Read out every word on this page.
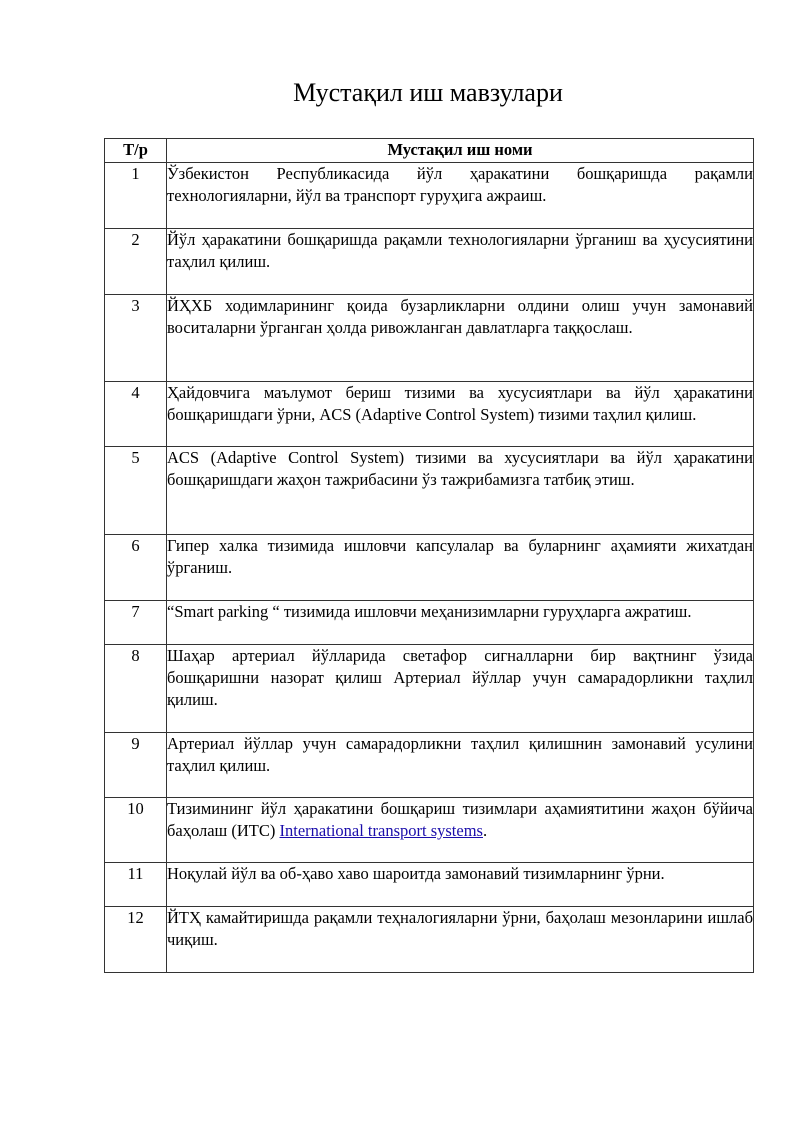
Мустақил иш мавзулари
Т/р	Мустақил иш номи
1	Ўзбекистон Республикасида йўл ҳаракатини бошқаришда рақамли технологияларни, йўл ва транспорт гуруҳига ажраиш.

2	Йўл ҳаракатини бошқаришда рақамли технологияларни ўрганиш ва ҳусусиятини таҳлил қилиш.

3	ЙҲХБ ходимларининг қоида бузарликларни олдини олиш учун замонавий воситаларни ўрганган ҳолда ривожланган давлатларга таққослаш.

4	Ҳайдовчига маълумот бериш тизими ва хусусиятлари ва йўл ҳаракатини бошқаришдаги ўрни, ACS (Adaptive Control System) тизими таҳлил қилиш.

5	ACS (Adaptive Control System) тизими ва хусусиятлари ва йўл ҳаракатини бошқаришдаги жаҳон тажрибасини ўз тажрибамизга татбиқ этиш.

6	Гипер халка тизимида ишловчи капсулалар ва буларнинг аҳамияти жихатдан ўрганиш.

7	“Smart parking “ тизимида ишловчи меҳанизимларни гуруҳларга ажратиш.

8	Шаҳар артериал йўлларида светафор сигналларни бир вақтнинг ўзида бошқаришни назорат қилиш Артериал йўллар учун самарадорликни таҳлил қилиш.

9	Артериал йўллар учун самарадорликни таҳлил қилишнин замонавий усулини таҳлил қилиш.

10	Тизимининг йўл ҳаракатини бошқариш тизимлари аҳамиятитини жаҳон бўйича баҳолаш (ИТС) International transport systems.

11	Ноқулай йўл ва об-ҳаво хаво шароитда замонавий тизимларнинг ўрни.

12	ЙТҲ камайтиришда рақамли теҳналогияларни ўрни, баҳолаш мезонларини ишлаб чиқиш.
